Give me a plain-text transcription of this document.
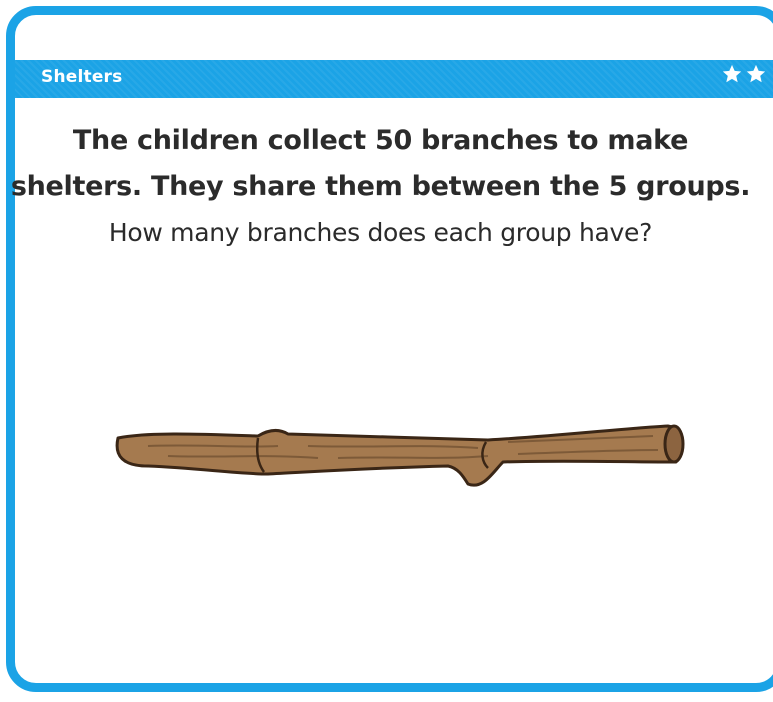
Shelters
The children collect 50 branches to make
shelters. They share them between the 5 groups.
How many branches does each group have?
